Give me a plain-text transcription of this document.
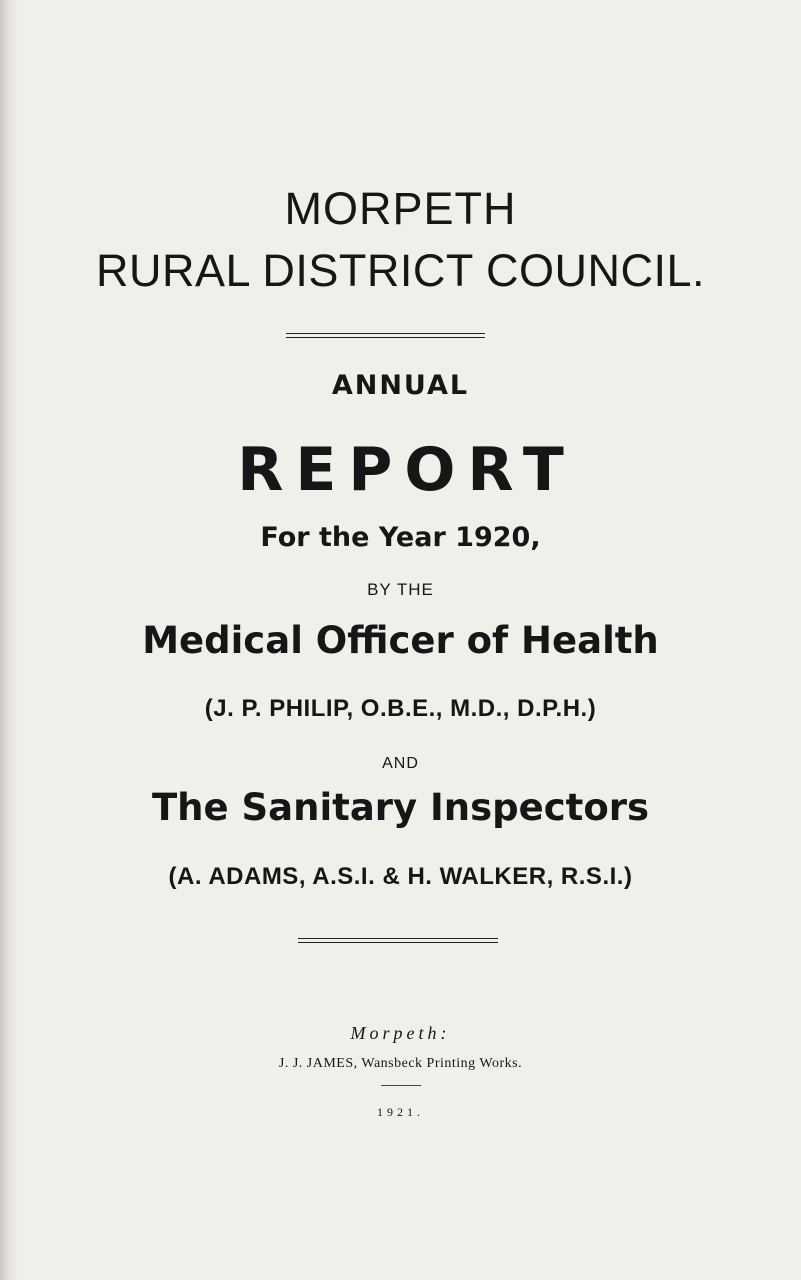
MORPETH

RURAL DISTRICT COUNCIL.

ANNUAL

REPORT

For the Year 1920,

BY THE

Medical Officer of Health

(J. P. PHILIP, O.B.E., M.D., D.P.H.)

AND

The Sanitary Inspectors

(A. ADAMS, A.S.I. & H. WALKER, R.S.I.)

Morpeth:

J. J. JAMES, Wansbeck Printing Works.

1921.
